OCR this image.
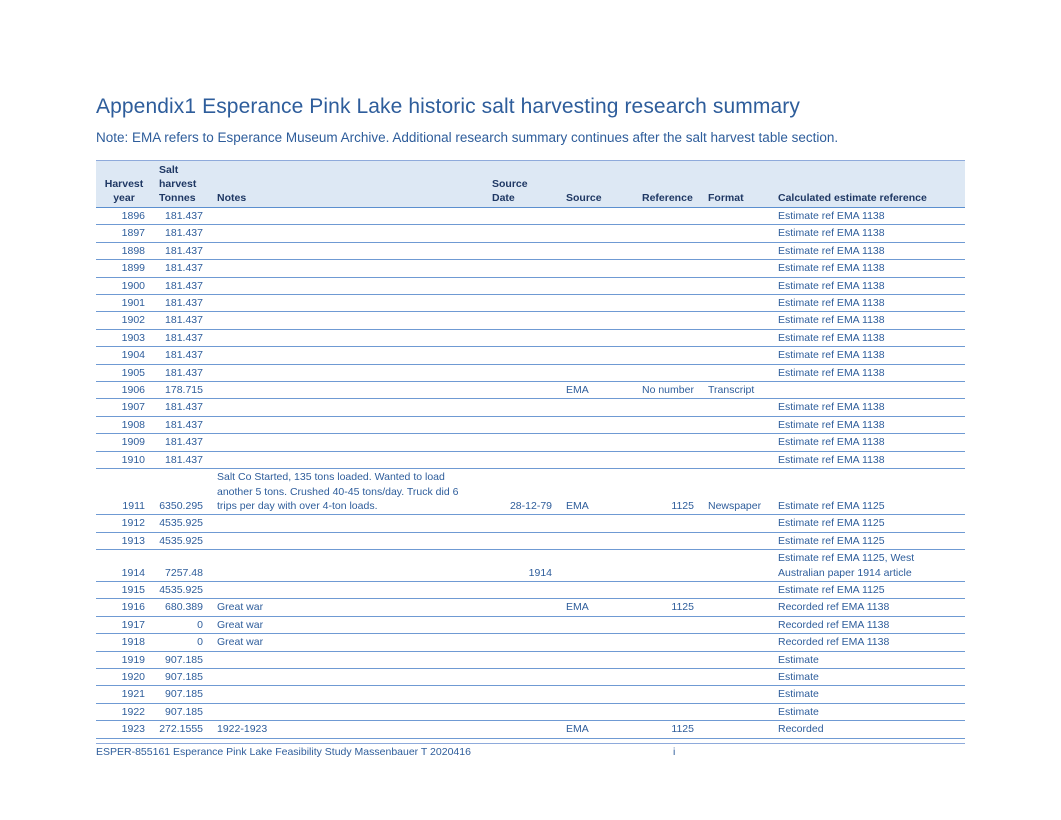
Appendix1 Esperance Pink Lake historic salt harvesting research summary

Note: EMA refers to Esperance Museum Archive. Additional research summary continues after the salt harvest table section.

Harvest year	Salt harvest Tonnes	Notes	Source Date	Source	Reference	Format	Calculated estimate reference
1896	181.437						Estimate ref EMA 1138
1897	181.437						Estimate ref EMA 1138
1898	181.437						Estimate ref EMA 1138
1899	181.437						Estimate ref EMA 1138
1900	181.437						Estimate ref EMA 1138
1901	181.437						Estimate ref EMA 1138
1902	181.437						Estimate ref EMA 1138
1903	181.437						Estimate ref EMA 1138
1904	181.437						Estimate ref EMA 1138
1905	181.437						Estimate ref EMA 1138
1906	178.715			EMA	No number	Transcript	
1907	181.437						Estimate ref EMA 1138
1908	181.437						Estimate ref EMA 1138
1909	181.437						Estimate ref EMA 1138
1910	181.437						Estimate ref EMA 1138
1911	6350.295	Salt Co Started, 135 tons loaded. Wanted to load another 5 tons. Crushed 40-45 tons/day. Truck did 6 trips per day with over 4-ton loads.	28-12-79	EMA	1125	Newspaper	Estimate ref EMA 1125
1912	4535.925						Estimate ref EMA 1125
1913	4535.925						Estimate ref EMA 1125
1914	7257.48		1914				Estimate ref EMA 1125, West Australian paper 1914 article
1915	4535.925						Estimate ref EMA 1125
1916	680.389	Great war		EMA	1125		Recorded ref EMA 1138
1917	0	Great war					Recorded ref EMA 1138
1918	0	Great war					Recorded ref EMA 1138
1919	907.185						Estimate
1920	907.185						Estimate
1921	907.185						Estimate
1922	907.185						Estimate
1923	272.1555	1922-1923		EMA	1125		Recorded
ESPER-855161 Esperance Pink Lake Feasibility Study Massenbauer T 2020416	i
